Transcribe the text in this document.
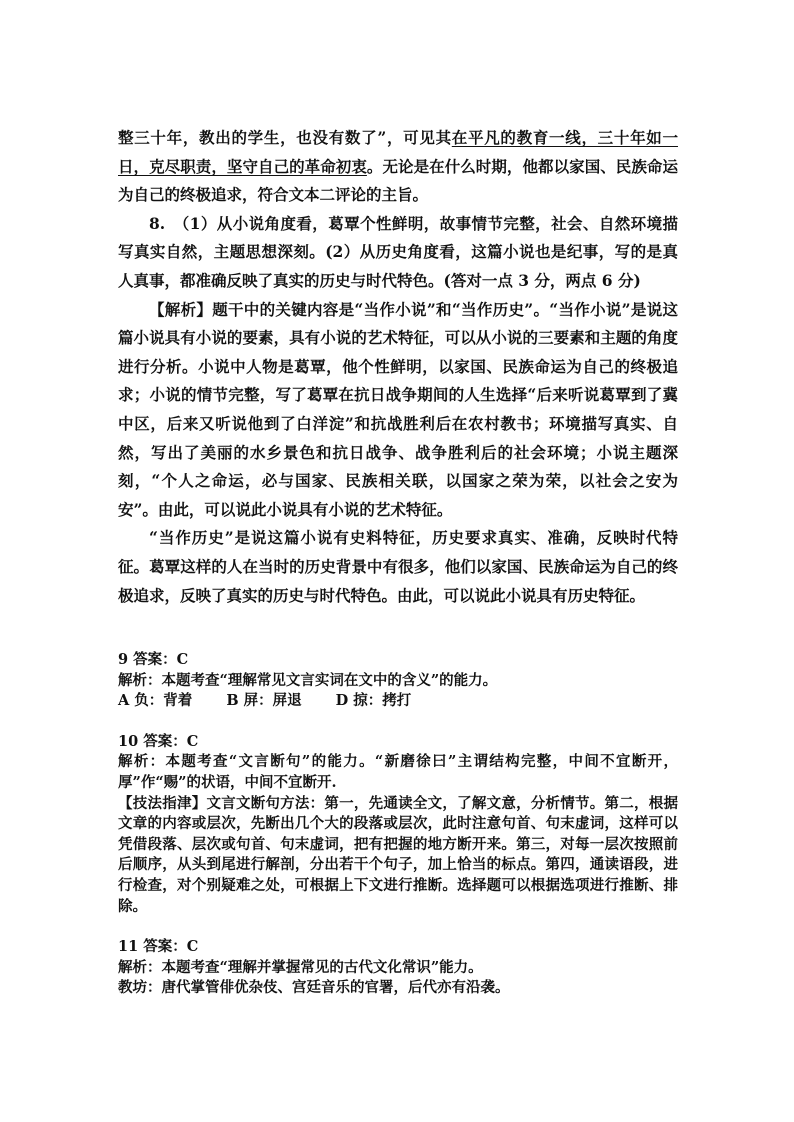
整三十年，教出的学生，也没有数了”，可见其在平凡的教育一线，三十年如一日，克尽职责，坚守自己的革命初衷。无论是在什么时期，他都以家国、民族命运为自己的终极追求，符合文本二评论的主旨。

8.　（1）从小说角度看，葛覃个性鲜明，故事情节完整，社会、自然环境描写真实自然，主题思想深刻。(2）从历史角度看，这篇小说也是纪事，写的是真人真事，都准确反映了真实的历史与时代特色。(答对一点 3 分，两点 6 分)

【解析】题干中的关键内容是“当作小说”和“当作历史”。“当作小说”是说这篇小说具有小说的要素，具有小说的艺术特征，可以从小说的三要素和主题的角度进行分析。小说中人物是葛覃，他个性鲜明，以家国、民族命运为自己的终极追求；小说的情节完整，写了葛覃在抗日战争期间的人生选择“后来听说葛覃到了冀中区，后来又听说他到了白洋淀”和抗战胜利后在农村教书；环境描写真实、自然，写出了美丽的水乡景色和抗日战争、战争胜利后的社会环境；小说主题深刻，“个人之命运，必与国家、民族相关联，以国家之荣为荣，以社会之安为安”。由此，可以说此小说具有小说的艺术特征。

“当作历史”是说这篇小说有史料特征，历史要求真实、准确，反映时代特征。葛覃这样的人在当时的历史背景中有很多，他们以家国、民族命运为自己的终极追求，反映了真实的历史与时代特色。由此，可以说此小说具有历史特征。

9 答案：C

解析：本题考查“理解常见文言实词在文中的含义”的能力。

A 负：背着 B 屏：屏退 D 掠：拷打

10 答案：C

解析：本题考查“文言断句”的能力。“新磨徐曰”主谓结构完整，中间不宜断开，厚”作“赐”的状语，中间不宜断开.

【技法指津】文言文断句方法：第一，先通读全文，了解文意，分析情节。第二，根据文章的内容或层次，先断出几个大的段落或层次，此时注意句首、句末虚词，这样可以凭借段落、层次或句首、句末虚词，把有把握的地方断开来。第三，对每一层次按照前后顺序，从头到尾进行解剖，分出若干个句子，加上恰当的标点。第四，通读语段，进行检查，对个别疑难之处，可根据上下文进行推断。选择题可以根据选项进行推断、排除。

11 答案：C

解析：本题考查“理解并掌握常见的古代文化常识”能力。

教坊：唐代掌管俳优杂伎、宫廷音乐的官署，后代亦有沿袭。
